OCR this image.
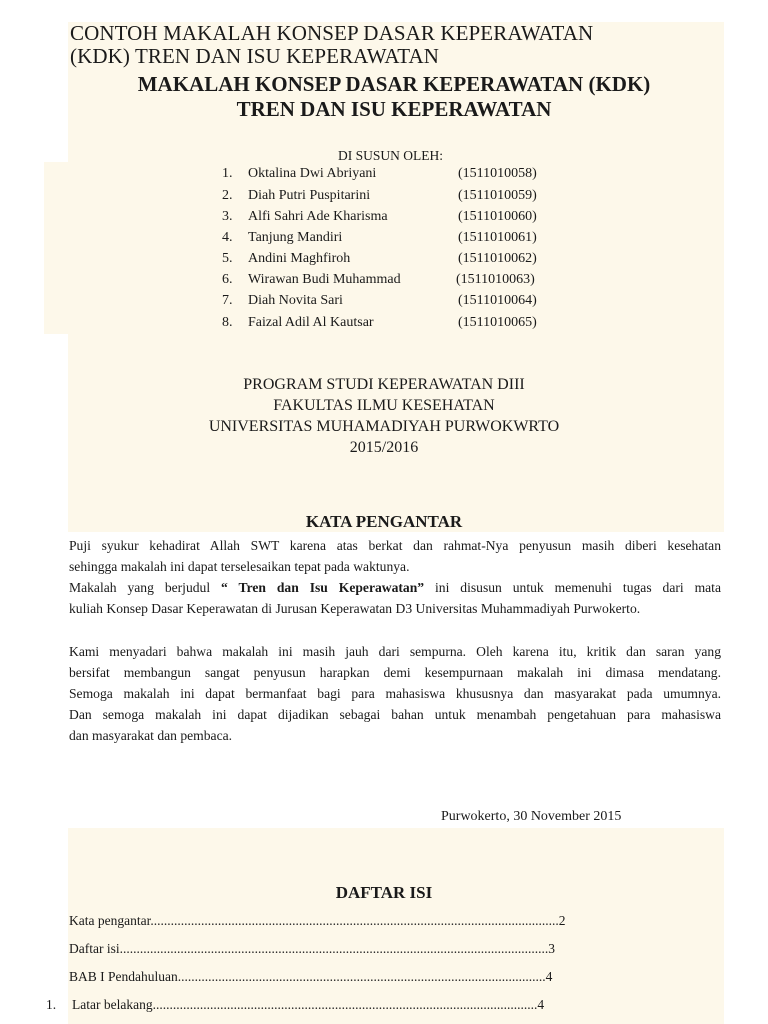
CONTOH MAKALAH KONSEP DASAR KEPERAWATAN
(KDK) TREN DAN ISU KEPERAWATAN
MAKALAH KONSEP DASAR KEPERAWATAN (KDK)
TREN DAN ISU KEPERAWATAN
DI SUSUN OLEH:
1. Oktalina Dwi Abriyani	(1511010058)
2. Diah Putri Puspitarini	(1511010059)
3. Alfi Sahri Ade Kharisma	(1511010060)
4. Tanjung Mandiri	(1511010061)
5. Andini Maghfiroh	(1511010062)
6. Wirawan Budi Muhammad	(1511010063)
7. Diah Novita Sari	(1511010064)
8. Faizal Adil Al Kautsar	(1511010065)
PROGRAM STUDI KEPERAWATAN DIII
FAKULTAS ILMU KESEHATAN
UNIVERSITAS MUHAMADIYAH PURWOKWRTO
2015/2016
KATA PENGANTAR
Puji syukur kehadirat Allah SWT karena atas berkat dan rahmat-Nya penyusun masih diberi kesehatan
sehingga makalah ini dapat terselesaikan tepat pada waktunya.
Makalah yang berjudul “ Tren dan Isu Keperawatan” ini disusun untuk memenuhi tugas dari mata
kuliah Konsep Dasar Keperawatan di Jurusan Keperawatan D3 Universitas Muhammadiyah Purwokerto.
Kami menyadari bahwa makalah ini masih jauh dari sempurna. Oleh karena itu, kritik dan saran yang
bersifat membangun sangat penyusun harapkan demi kesempurnaan makalah ini dimasa mendatang.
Semoga makalah ini dapat bermanfaat bagi para mahasiswa khususnya dan masyarakat pada umumnya.
Dan semoga makalah ini dapat dijadikan sebagai bahan untuk menambah pengetahuan para mahasiswa
dan masyarakat dan pembaca.
Purwokerto, 30 November 2015
DAFTAR ISI
Kata pengantar.........................................................................................................................2
Daftar isi...............................................................................................................................3
BAB I Pendahuluan.............................................................................................................4
1. Latar belakang..................................................................................................................4
